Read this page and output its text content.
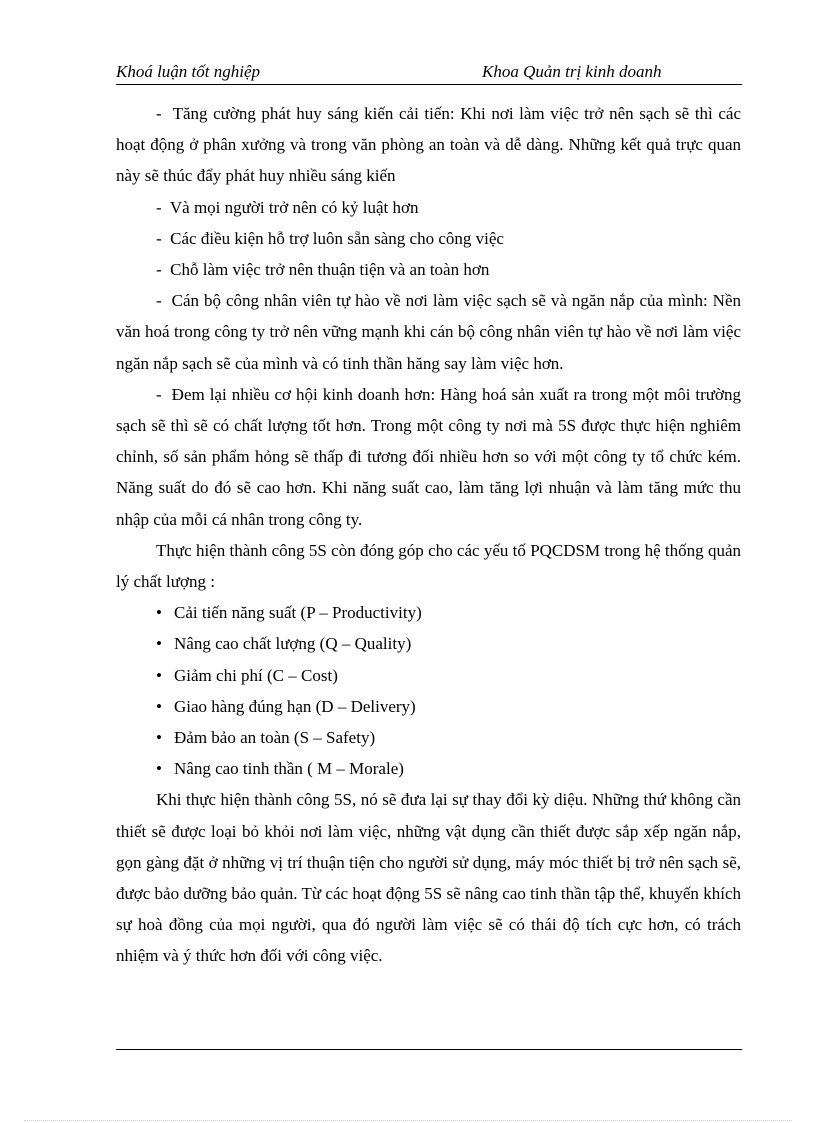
Khoá luận tốt nghiệp	Khoa Quản trị kinh doanh

- Tăng cường phát huy sáng kiến cải tiến: Khi nơi làm việc trở nên sạch sẽ thì các hoạt động ở phân xưởng và trong văn phòng an toàn và dễ dàng. Những kết quả trực quan này sẽ thúc đẩy phát huy nhiều sáng kiến

- Và mọi người trở nên có kỷ luật hơn

- Các điều kiện hỗ trợ luôn sẵn sàng cho công việc

- Chỗ làm việc trở nên thuận tiện và an toàn hơn

- Cán bộ công nhân viên tự hào về nơi làm việc sạch sẽ và ngăn nắp của mình: Nền văn hoá trong công ty trở nên vững mạnh khi cán bộ công nhân viên tự hào về nơi làm việc ngăn nắp sạch sẽ của mình và có tinh thần hăng say làm việc hơn.

- Đem lại nhiều cơ hội kinh doanh hơn: Hàng hoá sản xuất ra trong một môi trường sạch sẽ thì sẽ có chất lượng tốt hơn. Trong một công ty nơi mà 5S được thực hiện nghiêm chỉnh, số sản phẩm hỏng sẽ thấp đi tương đối nhiều hơn so với một công ty tổ chức kém. Năng suất do đó sẽ cao hơn. Khi năng suất cao, làm tăng lợi nhuận và làm tăng mức thu nhập của mỗi cá nhân trong công ty.

Thực hiện thành công 5S còn đóng góp cho các yếu tố PQCDSM trong hệ thống quản lý chất lượng :

• Cải tiến năng suất (P – Productivity)
• Nâng cao chất lượng (Q – Quality)
• Giảm chi phí (C – Cost)
• Giao hàng đúng hạn (D – Delivery)
• Đảm bảo an toàn (S – Safety)
• Nâng cao tinh thần ( M – Morale)

Khi thực hiện thành công 5S, nó sẽ đưa lại sự thay đổi kỳ diệu. Những thứ không cần thiết sẽ được loại bỏ khỏi nơi làm việc, những vật dụng cần thiết được sắp xếp ngăn nắp, gọn gàng đặt ở những vị trí thuận tiện cho người sử dụng, máy móc thiết bị trở nên sạch sẽ, được bảo dưỡng bảo quản. Từ các hoạt động 5S sẽ nâng cao tinh thần tập thể, khuyến khích sự hoà đồng của mọi người, qua đó người làm việc sẽ có thái độ tích cực hơn, có trách nhiệm và ý thức hơn đối với công việc.
